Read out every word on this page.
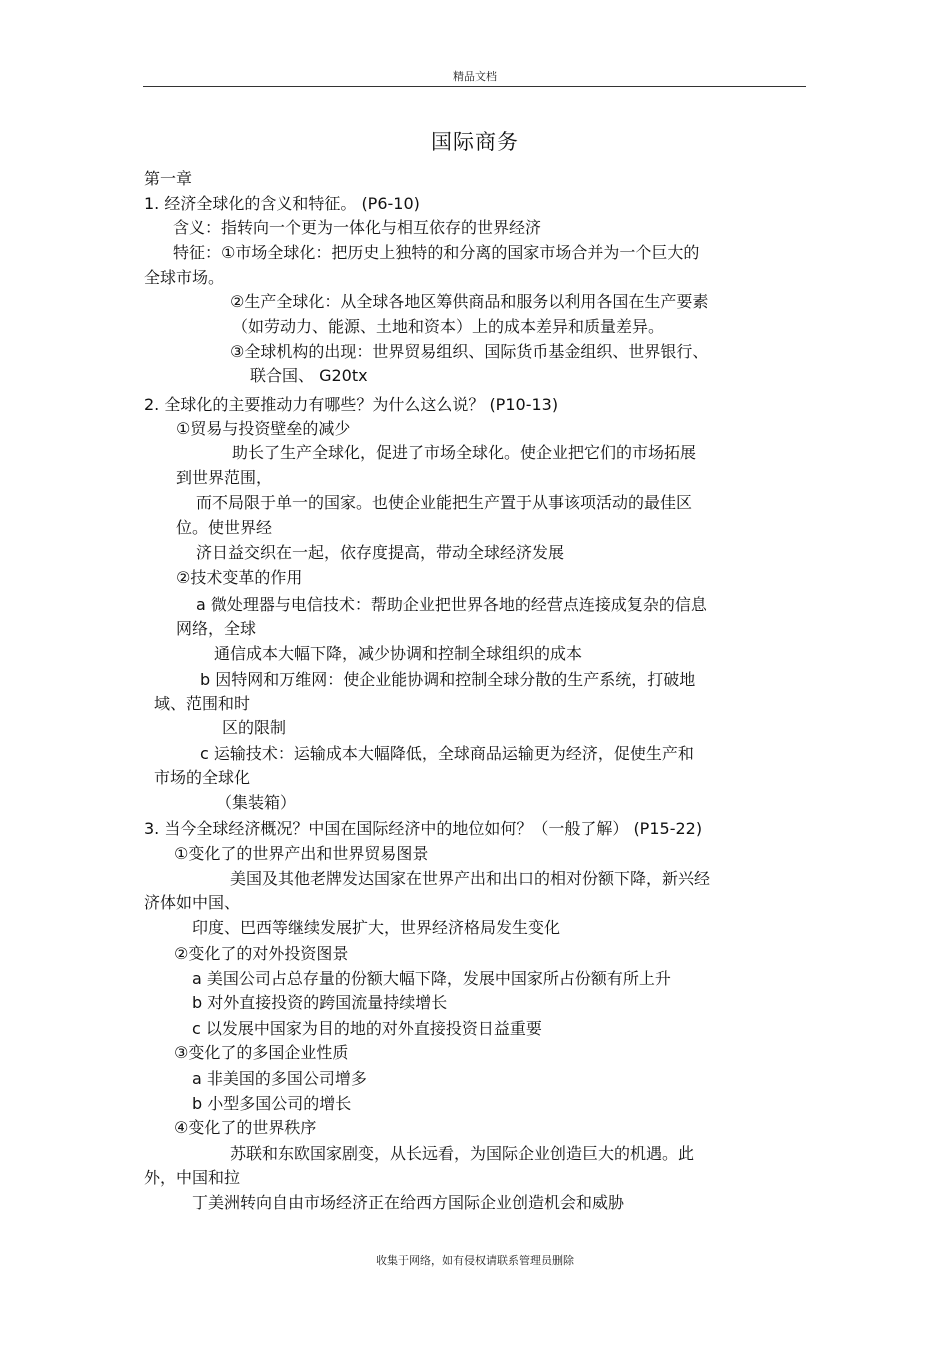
精品文档
国际商务
第一章
1. 经济全球化的含义和特征。 (P6-10)
含义：指转向一个更为一体化与相互依存的世界经济
特征：①市场全球化：把历史上独特的和分离的国家市场合并为一个巨大的
全球市场。
②生产全球化：从全球各地区筹供商品和服务以利用各国在生产要素
（如劳动力、能源、土地和资本）上的成本差异和质量差异。
③全球机构的出现：世界贸易组织、国际货币基金组织、世界银行、
联合国、 G20tx
2. 全球化的主要推动力有哪些？为什么这么说？ (P10-13)
①贸易与投资壁垒的减少
助长了生产全球化，促进了市场全球化。使企业把它们的市场拓展
到世界范围，
而不局限于单一的国家。也使企业能把生产置于从事该项活动的最佳区
位。使世界经
济日益交织在一起，依存度提高，带动全球经济发展
②技术变革的作用
a 微处理器与电信技术：帮助企业把世界各地的经营点连接成复杂的信息
网络，全球
通信成本大幅下降，减少协调和控制全球组织的成本
b 因特网和万维网：使企业能协调和控制全球分散的生产系统，打破地
域、范围和时
区的限制
c 运输技术：运输成本大幅降低，全球商品运输更为经济，促使生产和
市场的全球化
（集装箱）
3. 当今全球经济概况？中国在国际经济中的地位如何？（一般了解） (P15-22)
①变化了的世界产出和世界贸易图景
美国及其他老牌发达国家在世界产出和出口的相对份额下降，新兴经
济体如中国、
印度、巴西等继续发展扩大，世界经济格局发生变化
②变化了的对外投资图景
a 美国公司占总存量的份额大幅下降，发展中国家所占份额有所上升
b 对外直接投资的跨国流量持续增长
c 以发展中国家为目的地的对外直接投资日益重要
③变化了的多国企业性质
a 非美国的多国公司增多
b 小型多国公司的增长
④变化了的世界秩序
苏联和东欧国家剧变，从长远看，为国际企业创造巨大的机遇。此
外，中国和拉
丁美洲转向自由市场经济正在给西方国际企业创造机会和威胁
收集于网络，如有侵权请联系管理员删除
